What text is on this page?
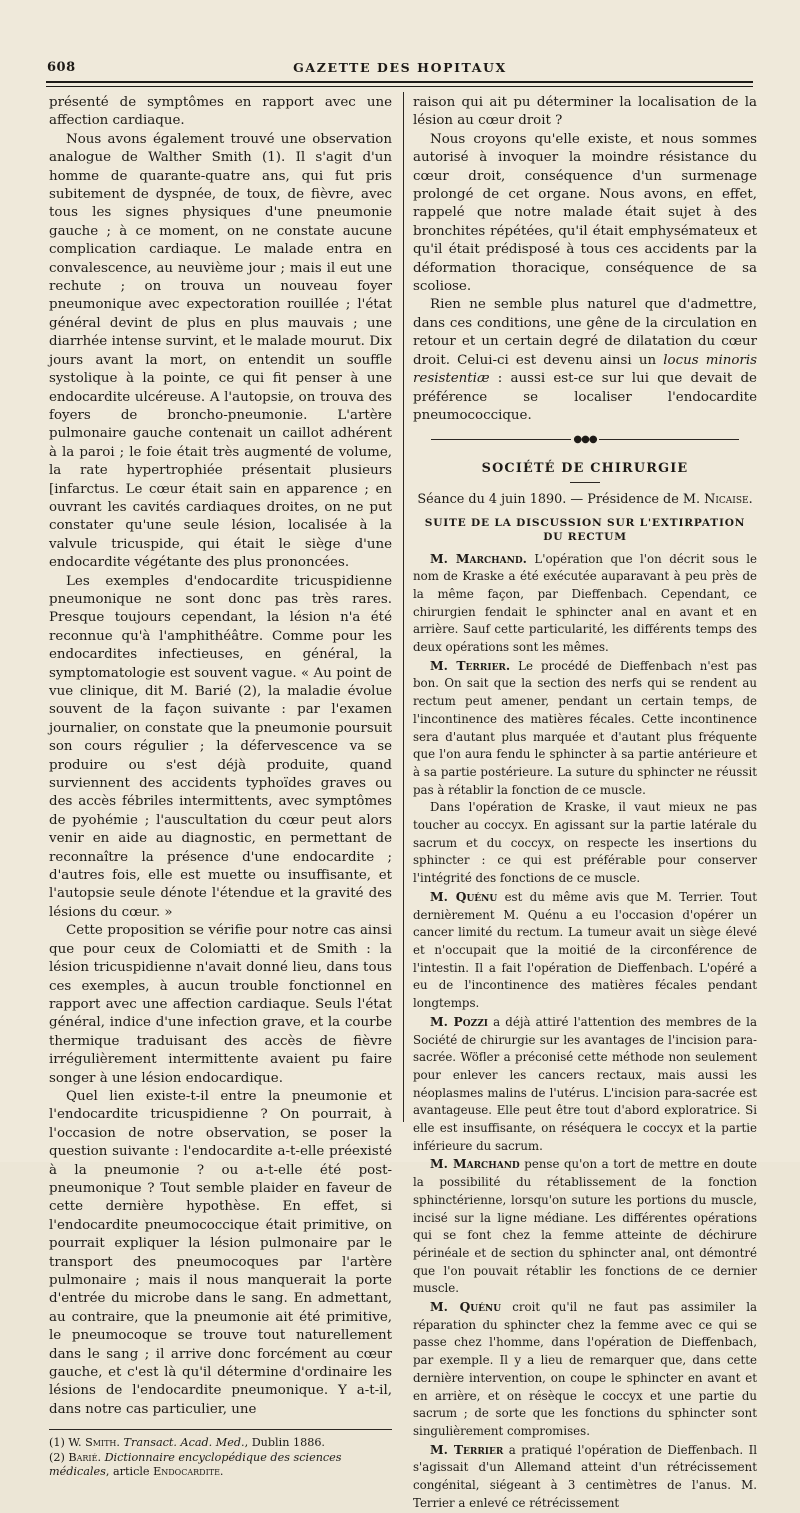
608	GAZETTE DES HOPITAUX

présenté de symptômes en rapport avec une affection cardiaque.

Nous avons également trouvé une observation analogue de Walther Smith (1). Il s'agit d'un homme de quarante-quatre ans, qui fut pris subitement de dyspnée, de toux, de fièvre, avec tous les signes physiques d'une pneumonie gauche ; à ce moment, on ne constate aucune complication cardiaque. Le malade entra en convalescence, au neuvième jour ; mais il eut une rechute ; on trouva un nouveau foyer pneumonique avec expectoration rouillée ; l'état général devint de plus en plus mauvais ; une diarrhée intense survint, et le malade mourut. Dix jours avant la mort, on entendit un souffle systolique à la pointe, ce qui fit penser à une endocardite ulcéreuse. A l'autopsie, on trouva des foyers de broncho-pneumonie. L'artère pulmonaire gauche contenait un caillot adhérent à la paroi ; le foie était très augmenté de volume, la rate hypertrophiée présentait plusieurs [infarctus. Le cœur était sain en apparence ; en ouvrant les cavités cardiaques droites, on ne put constater qu'une seule lésion, localisée à la valvule tricuspide, qui était le siège d'une endocardite végétante des plus prononcées.

Les exemples d'endocardite tricuspidienne pneumonique ne sont donc pas très rares. Presque toujours cependant, la lésion n'a été reconnue qu'à l'amphithéâtre. Comme pour les endocardites infectieuses, en général, la symptomatologie est souvent vague. « Au point de vue clinique, dit M. Barié (2), la maladie évolue souvent de la façon suivante : par l'examen journalier, on constate que la pneumonie poursuit son cours régulier ; la défervescence va se produire ou s'est déjà produite, quand surviennent des accidents typhoïdes graves ou des accès fébriles intermittents, avec symptômes de pyohémie ; l'auscultation du cœur peut alors venir en aide au diagnostic, en permettant de reconnaître la présence d'une endocardite ; d'autres fois, elle est muette ou insuffisante, et l'autopsie seule dénote l'étendue et la gravité des lésions du cœur. »

Cette proposition se vérifie pour notre cas ainsi que pour ceux de Colomiatti et de Smith : la lésion tricuspidienne n'avait donné lieu, dans tous ces exemples, à aucun trouble fonctionnel en rapport avec une affection cardiaque. Seuls l'état général, indice d'une infection grave, et la courbe thermique traduisant des accès de fièvre irrégulièrement intermittente avaient pu faire songer à une lésion endocardique.

Quel lien existe-t-il entre la pneumonie et l'endocardite tricuspidienne ? On pourrait, à l'occasion de notre observation, se poser la question suivante : l'endocardite a-t-elle préexisté à la pneumonie ? ou a-t-elle été post-pneumonique ? Tout semble plaider en faveur de cette dernière hypothèse. En effet, si l'endocardite pneumococcique était primitive, on pourrait expliquer la lésion pulmonaire par le transport des pneumocoques par l'artère pulmonaire ; mais il nous manquerait la porte d'entrée du microbe dans le sang. En admettant, au contraire, que la pneumonie ait été primitive, le pneumocoque se trouve tout naturellement dans le sang ; il arrive donc forcément au cœur gauche, et c'est là qu'il détermine d'ordinaire les lésions de l'endocardite pneumonique. Y a-t-il, dans notre cas particulier, une

(1) W. Smith. Transact. Acad. Med., Dublin 1886.
(2) Barié. Dictionnaire encyclopédique des sciences médicales, article Endocardite.

raison qui ait pu déterminer la localisation de la lésion au cœur droit ?

Nous croyons qu'elle existe, et nous sommes autorisé à invoquer la moindre résistance du cœur droit, conséquence d'un surmenage prolongé de cet organe. Nous avons, en effet, rappelé que notre malade était sujet à des bronchites répétées, qu'il était emphysémateux et qu'il était prédisposé à tous ces accidents par la déformation thoracique, conséquence de sa scoliose.

Rien ne semble plus naturel que d'admettre, dans ces conditions, une gêne de la circulation en retour et un certain degré de dilatation du cœur droit. Celui-ci est devenu ainsi un locus minoris resistentiæ : aussi est-ce sur lui que devait de préférence se localiser l'endocardite pneumococcique.

●●●
SOCIÉTÉ DE CHIRURGIE
Séance du 4 juin 1890. — Présidence de M. Nicaise.
SUITE DE LA DISCUSSION SUR L'EXTIRPATION
DU RECTUM

M. Marchand. L'opération que l'on décrit sous le nom de Kraske a été exécutée auparavant à peu près de la même façon, par Dieffenbach. Cependant, ce chirurgien fendait le sphincter anal en avant et en arrière. Sauf cette particularité, les différents temps des deux opérations sont les mêmes.

M. Terrier. Le procédé de Dieffenbach n'est pas bon. On sait que la section des nerfs qui se rendent au rectum peut amener, pendant un certain temps, de l'incontinence des matières fécales. Cette incontinence sera d'autant plus marquée et d'autant plus fréquente que l'on aura fendu le sphincter à sa partie antérieure et à sa partie postérieure. La suture du sphincter ne réussit pas à rétablir la fonction de ce muscle.

Dans l'opération de Kraske, il vaut mieux ne pas toucher au coccyx. En agissant sur la partie latérale du sacrum et du coccyx, on respecte les insertions du sphincter : ce qui est préférable pour conserver l'intégrité des fonctions de ce muscle.

M. Quénu est du même avis que M. Terrier. Tout dernièrement M. Quénu a eu l'occasion d'opérer un cancer limité du rectum. La tumeur avait un siège élevé et n'occupait que la moitié de la circonférence de l'intestin. Il a fait l'opération de Dieffenbach. L'opéré a eu de l'incontinence des matières fécales pendant longtemps.

M. Pozzi a déjà attiré l'attention des membres de la Société de chirurgie sur les avantages de l'incision para-sacrée. Wöfler a préconisé cette méthode non seulement pour enlever les cancers rectaux, mais aussi les néoplasmes malins de l'utérus. L'incision para-sacrée est avantageuse. Elle peut être tout d'abord exploratrice. Si elle est insuffisante, on réséquera le coccyx et la partie inférieure du sacrum.

M. Marchand pense qu'on a tort de mettre en doute la possibilité du rétablissement de la fonction sphinctérienne, lorsqu'on suture les portions du muscle, incisé sur la ligne médiane. Les différentes opérations qui se font chez la femme atteinte de déchirure périnéale et de section du sphincter anal, ont démontré que l'on pouvait rétablir les fonctions de ce dernier muscle.

M. Quénu croit qu'il ne faut pas assimiler la réparation du sphincter chez la femme avec ce qui se passe chez l'homme, dans l'opération de Dieffenbach, par exemple. Il y a lieu de remarquer que, dans cette dernière intervention, on coupe le sphincter en avant et en arrière, et on résèque le coccyx et une partie du sacrum ; de sorte que les fonctions du sphincter sont singulièrement compromises.

M. Terrier a pratiqué l'opération de Dieffenbach. Il s'agissait d'un Allemand atteint d'un rétrécissement congénital, siégeant à 3 centimètres de l'anus. M. Terrier a enlevé ce rétrécissement
